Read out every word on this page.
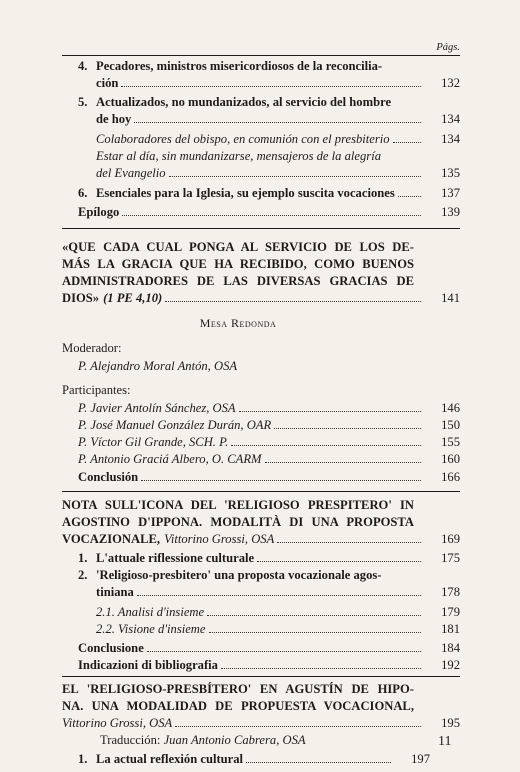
Págs.
4. Pecadores, ministros misericordiosos de la reconcilia-
ción	132
5. Actualizados, no mundanizados, al servicio del hombre
de hoy	134
Colaboradores del obispo, en comunión con el presbiterio	134
Estar al día, sin mundanizarse, mensajeros de la alegría
del Evangelio	135
6. Esenciales para la Iglesia, su ejemplo suscita vocaciones	137
Epílogo	139
«QUE CADA CUAL PONGA AL SERVICIO DE LOS DE-
MÁS LA GRACIA QUE HA RECIBIDO, COMO BUENOS
ADMINISTRADORES DE LAS DIVERSAS GRACIAS DE
DIOS» (1 PE 4,10)	141
Mesa Redonda
Moderador:
P. Alejandro Moral Antón, OSA
Participantes:
P. Javier Antolín Sánchez, OSA	146
P. José Manuel González Durán, OAR	150
P. Víctor Gil Grande, SCH. P.	155
P. Antonio Graciá Albero, O. CARM	160
Conclusión	166
NOTA SULL'ICONA DEL 'RELIGIOSO PRESPITERO' IN
AGOSTINO D'IPPONA. MODALITÀ DI UNA PROPOSTA
VOCAZIONALE, Vittorino Grossi, OSA	169
1. L'attuale riflessione culturale	175
2. 'Religioso-presbitero' una proposta vocazionale agos-
tiniana	178
2.1. Analisi d'insieme	179
2.2. Visione d'insieme	181
Conclusione	184
Indicazioni di bibliografia	192
EL 'RELIGIOSO-PRESBÍTERO' EN AGUSTÍN DE HIPO-
NA. UNA MODALIDAD DE PROPUESTA VOCACIONAL,
Vittorino Grossi, OSA	195
Traducción: Juan Antonio Cabrera, OSA
1. La actual reflexión cultural	197
11
